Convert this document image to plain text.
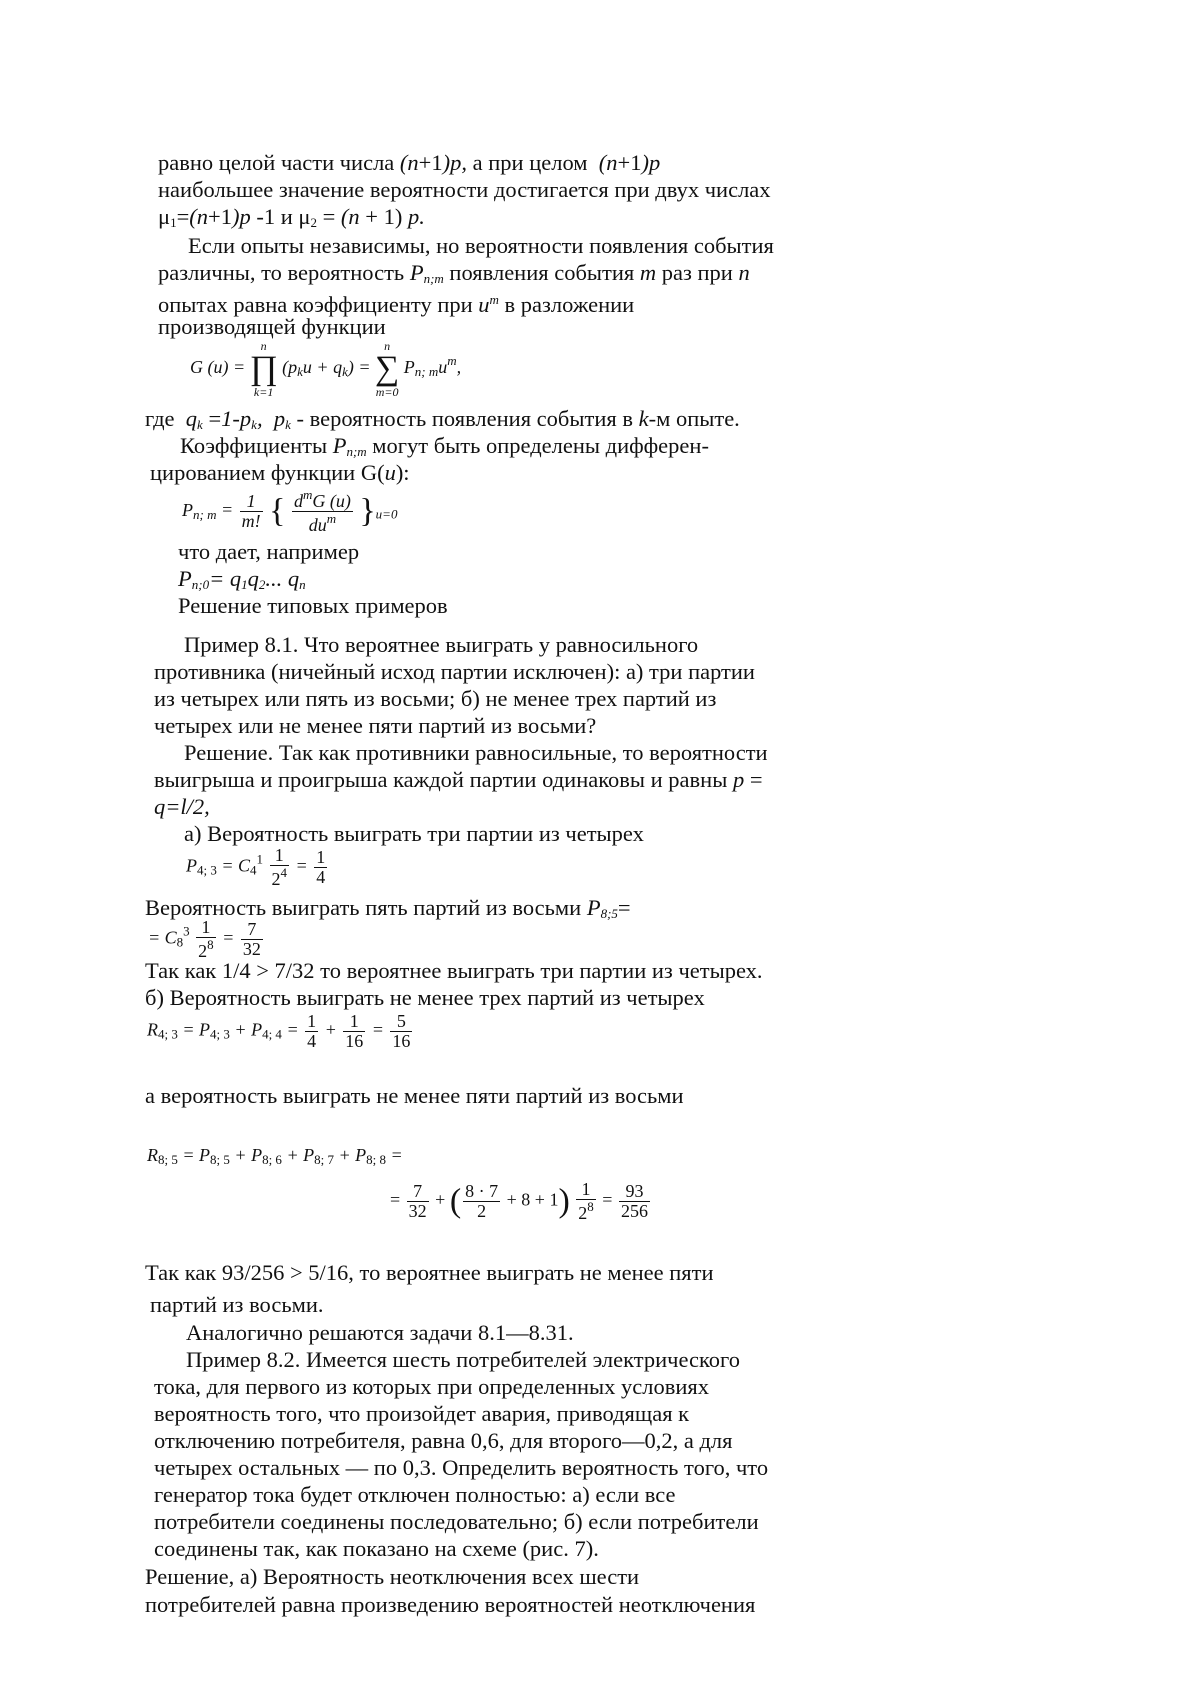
равно целой части числа (n+1)p, а при целом  (n+1)p
наибольшее значение вероятности достигается при двух числах
$\mu_1=(n+1)p$ -1 и $\mu_2 = (n + 1)$ p.
Если опыты независимы, но вероятности появления события
различны, то вероятность $P_{n;m}$ появления события m раз при n
опытах равна коэффициенту при $u^m$ в разложении
производящей функции
G (u) =
n
∏
k=1
$(p_ku + q_k)$ =
n
∑
m=0
$P_{n; m}u^m$,
где  $q_k =1-p_k$, $p_k$ - вероятность появления события в k-м опыте.
Коэффициенты $P_{n;m}$ могут быть определены дифферен-
цированием функции G(u):
$P_{n; m} = \frac{1}{m!}$ { $\frac{d^mG (u)}{du^m} \}_{u=0}$
что дает, например
$P_{n;0}= q_1q_2$... $q_n$
Решение типовых примеров
Пример 8.1. Что вероятнее выиграть у равносильного
противника (ничейный исход партии исключен): а) три партии
из четырех или пять из восьми; б) не менее трех партий из
четырех или не менее пяти партий из восьми?
Решение. Так как противники равносильные, то вероятности
выигрыша и проигрыша каждой партии одинаковы и равны p =
q=l/2,
а) Вероятность выиграть три партии из четырех
$P_{4; 3} = C_4^1 \frac{1}{2^4} = \frac{1}{4}$
Вероятность выиграть пять партий из восьми $P_{8;5}=$
= $C_8^3 \frac{1}{2^8} = \frac{7}{32}$
Так как 1/4 > 7/32 то вероятнее выиграть три партии из четырех.
б) Вероятность выиграть не менее трех партий из четырех
$R_{4; 3} = P_{4; 3} + P_{4; 4} = \frac{1}{4} + \frac{1}{16} = \frac{5}{16}$
а вероятность выиграть не менее пяти партий из восьми
$R_{8; 5} = P_{8; 5} + P_{8; 6} + P_{8; 7} + P_{8; 8}$ =
= $\frac{7}{32}$ + ( $\frac{8 \cdot 7}{2} + 8 + 1) \frac{1}{2^8} = \frac{93}{256}$
Так как 93/256 > 5/16, то вероятнее выиграть не менее пяти
партий из восьми.
Аналогично решаются задачи 8.1—8.31.
Пример 8.2. Имеется шесть потребителей электрического
тока, для первого из которых при определенных условиях
вероятность того, что произойдет авария, приводящая к
отключению потребителя, равна 0,6, для второго—0,2, а для
четырех остальных — по 0,3. Определить вероятность того, что
генератор тока будет отключен полностью: а) если все
потребители соединены последовательно; б) если потребители
соединены так, как показано на схеме (рис. 7).
Решение, а) Вероятность неотключения всех шести
потребителей равна произведению вероятностей неотключения
